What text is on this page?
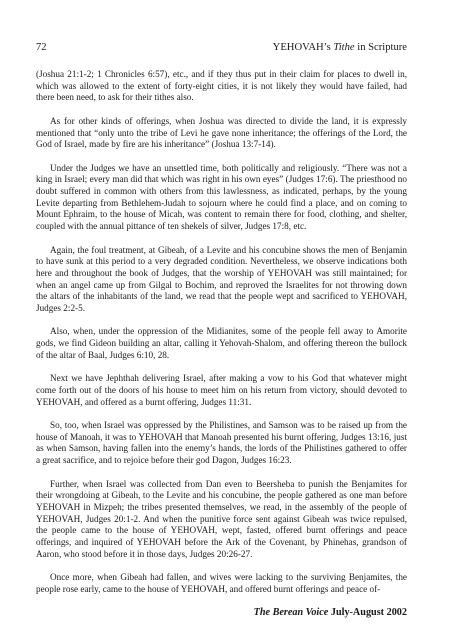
72	YEHOVAH’s Tithe in Scripture

(Joshua 21:1-2; 1 Chronicles 6:57), etc., and if they thus put in their claim for places to dwell in, which was allowed to the extent of forty-eight cities, it is not likely they would have failed, had there been need, to ask for their tithes also.

As for other kinds of offerings, when Joshua was directed to divide the land, it is expressly mentioned that “only unto the tribe of Levi he gave none inheritance; the offerings of the Lord, the God of Israel, made by fire are his inheritance” (Joshua 13:7-14).

Under the Judges we have an unsettled time, both politically and religiously. “There was not a king in Israel; every man did that which was right in his own eyes” (Judges 17:6). The priesthood no doubt suffered in common with others from this lawlessness, as indicated, perhaps, by the young Levite departing from Bethlehem-Judah to sojourn where he could find a place, and on coming to Mount Ephraim, to the house of Micah, was content to remain there for food, clothing, and shelter, coupled with the annual pittance of ten shekels of silver, Judges 17:8, etc.

Again, the foul treatment, at Gibeah, of a Levite and his concubine shows the men of Benjamin to have sunk at this period to a very degraded condition. Nevertheless, we observe indications both here and throughout the book of Judges, that the worship of YEHOVAH was still maintained; for when an angel came up from Gilgal to Bochim, and reproved the Israelites for not throwing down the altars of the inhabitants of the land, we read that the people wept and sacrificed to YEHOVAH, Judges 2:2-5.

Also, when, under the oppression of the Midianites, some of the people fell away to Amorite gods, we find Gideon building an altar, calling it Yehovah-Shalom, and offering thereon the bullock of the altar of Baal, Judges 6:10, 28.

Next we have Jephthah delivering Israel, after making a vow to his God that whatever might come forth out of the doors of his house to meet him on his return from victory, should devoted to YEHOVAH, and offered as a burnt offering, Judges 11:31.

So, too, when Israel was oppressed by the Philistines, and Samson was to be raised up from the house of Manoah, it was to YEHOVAH that Manoah presented his burnt offering, Judges 13:16, just as when Samson, having fallen into the enemy’s hands, the lords of the Philistines gathered to offer a great sacrifice, and to rejoice before their god Dagon, Judges 16:23.

Further, when Israel was collected from Dan even to Beersheba to punish the Benjamites for their wrongdoing at Gibeah, to the Levite and his concubine, the people gathered as one man before YEHOVAH in Mizpeh; the tribes presented themselves, we read, in the assembly of the people of YEHOVAH, Judges 20:1-2. And when the punitive force sent against Gibeah was twice repulsed, the people came to the house of YEHOVAH, wept, fasted, offered burnt offerings and peace offerings, and inquired of YEHOVAH before the Ark of the Covenant, by Phinehas, grandson of Aaron, who stood before it in those days, Judges 20:26-27.

Once more, when Gibeah had fallen, and wives were lacking to the surviving Benjamites, the people rose early, came to the house of YEHOVAH, and offered burnt offerings and peace of-

The Berean Voice July-August 2002
